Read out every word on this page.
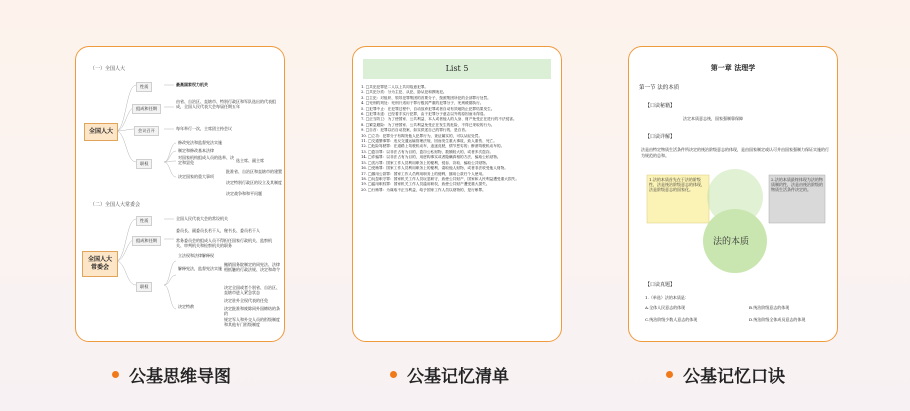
（一）全国人大
全国人大
性质
组成和任期
会议召开
职权
最高国家权力机关
由省、自治区、直辖市、特别行政区和军队选出的代表组成，全国人民代表大会每届任期五年
每年举行一次，主席团主持会议
修改宪法和监督宪法实施
制定和修改基本法律
对国家机构组成人员的选举、决定和罢免	选主席、副主席
决定国家的重大事项
批准省、自治区和直辖市的建置
决定特别行政区的设立及其制度
决定战争和和平问题
（二）全国人大常委会
全国人大常委会
性质
组成和任期
职权
全国人民代表大会的常设机关
委员长、副委员长若干人，秘书长、委员若干人
常务委员会的组成人员不得担任国家行政机关、监察机关、审判机关和检察机关的职务
立法权和法律解释权
解释宪法，监督宪法实施
撤销国务院制定的同宪法、法律相抵触的行政法规、决定和命令
决定特赦
决定全国或者个别省、自治区、直辖市进入紧急状态
决定驻外全权代表的任免
决定批准和废除同外国缔结的条约
规定军人和外交人员的衔级制度和其他专门衔级制度
List 5
1. □共犯犯罪是二人以上共同故意犯罪。
2. □共犯分类：分为主犯、从犯、胁从犯和教唆犯。
3. □主犯：对组织、领导犯罪集团的首要分子，按照集团所犯的全部罪行处罚。
4. □死刑的判处：死刑只适用于罪行极其严重的犯罪分子，死刑缓期执行。
5. □犯罪中止：在犯罪过程中，自动放弃犯罪或者自动有效地防止犯罪结果发生。
6. □犯罪未遂：已经着手实行犯罪，由于犯罪分子意志以外的原因而未得逞。
7. □正当防卫：为了使国家、公共利益、本人或者他人的人身、财产免受正在进行的不法侵害。
8. □紧急避险：为了使国家、公共利益免受正在发生的危险，不得已采取的行为。
9. □自首：犯罪以后自动投案，如实供述自己的罪行的，是自首。
10. □立功：犯罪分子有揭发他人犯罪行为，查证属实的，可以从轻处罚。
11. □交通肇事罪：违反交通运输管理法规，因而发生重大事故，致人重伤、死亡。
12. □危险驾驶罪：在道路上驾驶机动车，追逐竞驶，情节恶劣的；醉酒驾驶机动车的。
13. □盗窃罪：以非法占有为目的，盗窃公私财物，数额较大的，或者多次盗窃。
14. □诈骗罪：以非法占有为目的，用虚构事实或者隐瞒真相的方法，骗取公私财物。
15. □贪污罪：国家工作人员利用职务上的便利，侵吞、窃取、骗取公共财物。
16. □受贿罪：国家工作人员利用职务上的便利，索取他人财物，或者非法收受他人财物。
17. □挪用公款罪：国家工作人员利用职务上的便利，挪用公款归个人使用。
18. □玩忽职守罪：国家机关工作人员玩忽职守，致使公共财产、国家和人民利益遭受重大损失。
19. □滥用职权罪：国家机关工作人员滥用职权，致使公共财产遭受重大损失。
20. □行贿罪：为谋取不正当利益，给予国家工作人员以财物的，是行贿罪。
第一章 法理学
第一节 法的本质
【口诀秘籍】
法定本质意志统，国家强制靠保障
【口诀详解】
法是由特定物质生活条件所决定的统治阶级意志的体现，是由国家制定或认可并由国家强制力保证实施的行为规范的总和。
1.法的本质首先在于法的阶级性，法是统治阶级意志的体现，法是阶级意志的国家化。
2.法的本质最终体现为法的物质制约性，法是由统治阶级的物质生活条件决定的。
法的本质
【口诀真题】
1.（单选）法的本质是：
A.全体人民意志的体现	B.统治阶级意志的体现
C.统治阶级少数人意志的体现	D.统治阶级全体成员意志的体现
公基思维导图	公基记忆清单	公基记忆口诀
